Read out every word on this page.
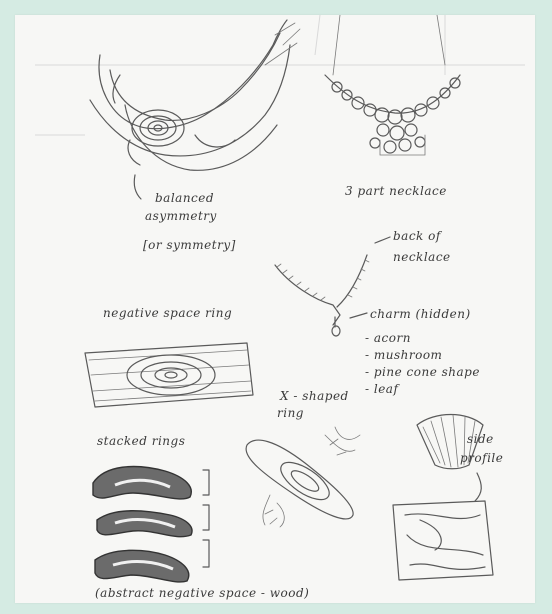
balanced
asymmetry
[or symmetry]
3 part necklace
back of
necklace
charm (hidden)
- acorn
- mushroom
- pine cone shape
- leaf
negative space ring
stacked rings
(abstract negative space - wood)
X - shaped
ring
side
profile
